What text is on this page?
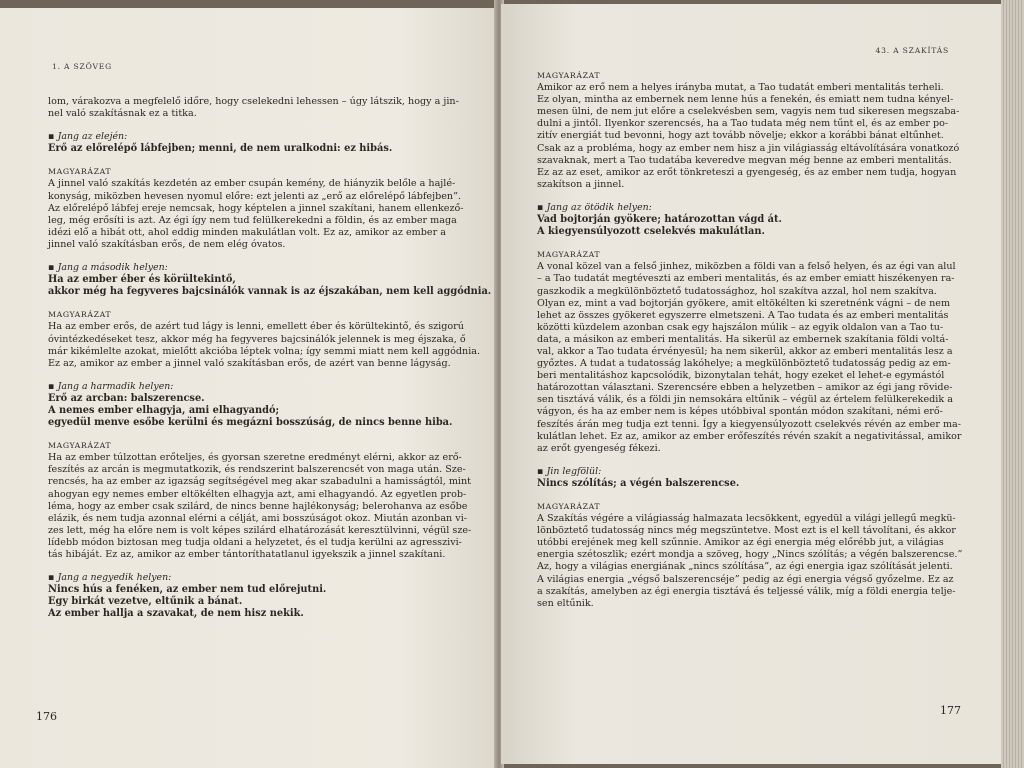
1. A SZÖVEG
lom, várakozva a megfelelő időre, hogy cselekedni lehessen – úgy látszik, hogy a jin-
nel való szakításnak ez a titka.
▪ Jang az elején:
Erő az előrelépő lábfejben; menni, de nem uralkodni: ez hibás.
MAGYARÁZAT
A jinnel való szakítás kezdetén az ember csupán kemény, de hiányzik belőle a hajlé-
konyság, miközben hevesen nyomul előre: ezt jelenti az „erő az előrelépő lábfejben”.
Az előrelépő lábfej ereje nemcsak, hogy képtelen a jinnel szakítani, hanem ellenkező-
leg, még erősíti is azt. Az égi így nem tud felülkerekedni a földin, és az ember maga
idézi elő a hibát ott, ahol eddig minden makulátlan volt. Ez az, amikor az ember a
jinnel való szakításban erős, de nem elég óvatos.
▪ Jang a második helyen:
Ha az ember éber és körültekintő,
akkor még ha fegyveres bajcsinálók vannak is az éjszakában, nem kell aggódnia.
MAGYARÁZAT
Ha az ember erős, de azért tud lágy is lenni, emellett éber és körültekintő, és szigorú
óvintézkedéseket tesz, akkor még ha fegyveres bajcsinálók jelennek is meg éjszaka, ő
már kikémlelte azokat, mielőtt akcióba léptek volna; így semmi miatt nem kell aggódnia.
Ez az, amikor az ember a jinnel való szakításban erős, de azért van benne lágyság.
▪ Jang a harmadik helyen:
Erő az arcban: balszerencse.
A nemes ember elhagyja, ami elhagyandó;
egyedül menve esőbe kerülni és megázni bosszúság, de nincs benne hiba.
MAGYARÁZAT
Ha az ember túlzottan erőteljes, és gyorsan szeretne eredményt elérni, akkor az erő-
feszítés az arcán is megmutatkozik, és rendszerint balszerencsét von maga után. Sze-
rencsés, ha az ember az igazság segítségével meg akar szabadulni a hamisságtól, mint
ahogyan egy nemes ember eltökélten elhagyja azt, ami elhagyandó. Az egyetlen prob-
léma, hogy az ember csak szilárd, de nincs benne hajlékonyság; belerohanva az esőbe
elázik, és nem tudja azonnal elérni a célját, ami bosszúságot okoz. Miután azonban vi-
zes lett, még ha előre nem is volt képes szilárd elhatározását keresztülvinni, végül sze-
lídebb módon biztosan meg tudja oldani a helyzetet, és el tudja kerülni az agresszivi-
tás hibáját. Ez az, amikor az ember tántoríthatatlanul igyekszik a jinnel szakítani.
▪ Jang a negyedik helyen:
Nincs hús a fenéken, az ember nem tud előrejutni.
Egy birkát vezetve, eltűnik a bánat.
Az ember hallja a szavakat, de nem hisz nekik.
176
43. A SZAKÍTÁS
MAGYARÁZAT
Amikor az erő nem a helyes irányba mutat, a Tao tudatát emberi mentalitás terheli.
Ez olyan, mintha az embernek nem lenne hús a fenekén, és emiatt nem tudna kényel-
mesen ülni, de nem jut előre a cselekvésben sem, vagyis nem tud sikeresen megszaba-
dulni a jintől. Ilyenkor szerencsés, ha a Tao tudata még nem tűnt el, és az ember po-
zitív energiát tud bevonni, hogy azt tovább növelje; ekkor a korábbi bánat eltűnhet.
Csak az a probléma, hogy az ember nem hisz a jin világiasság eltávolítására vonatkozó
szavaknak, mert a Tao tudatába keveredve megvan még benne az emberi mentalitás.
Ez az az eset, amikor az erőt tönkreteszi a gyengeség, és az ember nem tudja, hogyan
szakítson a jinnel.
▪ Jang az ötödik helyen:
Vad bojtorján gyökere; határozottan vágd át.
A kiegyensúlyozott cselekvés makulátlan.
MAGYARÁZAT
A vonal közel van a felső jinhez, miközben a földi van a felső helyen, és az égi van alul
– a Tao tudatát megtéveszti az emberi mentalitás, és az ember emiatt hiszékenyen ra-
gaszkodik a megkülönböztető tudatossághoz, hol szakítva azzal, hol nem szakítva.
Olyan ez, mint a vad bojtorján gyökere, amit eltökélten ki szeretnénk vágni – de nem
lehet az összes gyökeret egyszerre elmetszeni. A Tao tudata és az emberi mentalitás
közötti küzdelem azonban csak egy hajszálon múlik – az egyik oldalon van a Tao tu-
data, a másikon az emberi mentalitás. Ha sikerül az embernek szakítania földi voltá-
val, akkor a Tao tudata érvényesül; ha nem sikerül, akkor az emberi mentalitás lesz a
győztes. A tudat a tudatosság lakóhelye; a megkülönböztető tudatosság pedig az em-
beri mentalitáshoz kapcsolódik, bizonytalan tehát, hogy ezeket el lehet-e egymástól
határozottan választani. Szerencsére ebben a helyzetben – amikor az égi jang rövide-
sen tisztává válik, és a földi jin nemsokára eltűnik – végül az értelem felülkerekedik a
vágyon, és ha az ember nem is képes utóbbival spontán módon szakítani, némi erő-
feszítés árán meg tudja ezt tenni. Így a kiegyensúlyozott cselekvés révén az ember ma-
kulátlan lehet. Ez az, amikor az ember erőfeszítés révén szakít a negativitással, amikor
az erőt gyengeség fékezi.
▪ Jin legfölül:
Nincs szólítás; a végén balszerencse.
MAGYARÁZAT
A Szakítás végére a világiasság halmazata lecsökkent, egyedül a világi jellegű megkü-
lönböztető tudatosság nincs még megszüntetve. Most ezt is el kell távolítani, és akkor
utóbbi erejének meg kell szűnnie. Amikor az égi energia még előrébb jut, a világias
energia szétoszlik; ezért mondja a szöveg, hogy „Nincs szólítás; a végén balszerencse.”
Az, hogy a világias energiának „nincs szólítása”, az égi energia igaz szólítását jelenti.
A világias energia „végső balszerencséje” pedig az égi energia végső győzelme. Ez az
a szakítás, amelyben az égi energia tisztává és teljessé válik, míg a földi energia telje-
sen eltűnik.
177
